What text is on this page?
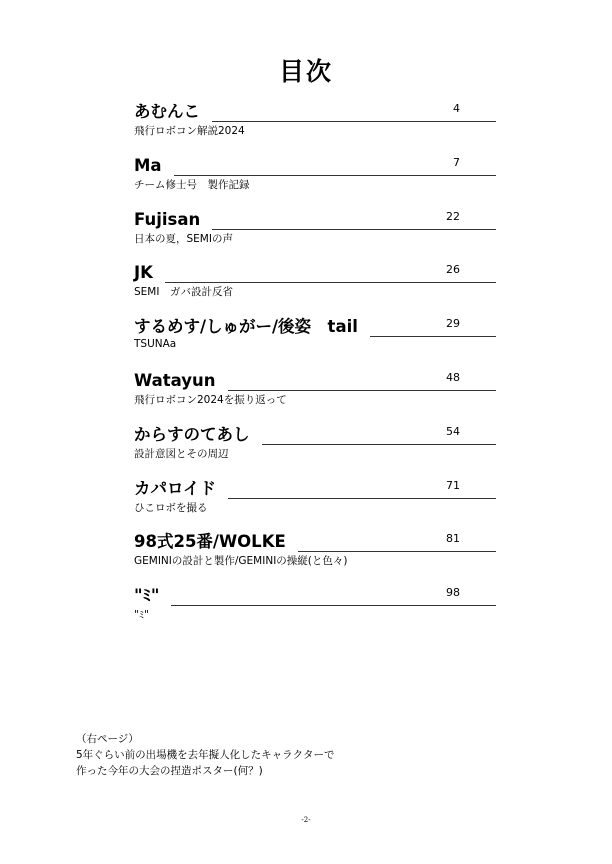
目次
あむんこ	4
飛行ロボコン解説2024
Ma	7
チーム修士号　製作記録
Fujisan	22
日本の夏，SEMIの声
JK	26
SEMI　ガバ設計反省
するめす/しゅがー/後姿　tail	29
TSUNAa
Watayun	48
飛行ロボコン2024を振り返って
からすのてあし	54
設計意図とその周辺
カパロイド	71
ひこロボを撮る
98式25番/WOLKE	81
GEMINIの設計と製作/GEMINIの操縦(と色々)
"ﾐ"	98
"ﾐ"
（右ページ）
5年ぐらい前の出場機を去年擬人化したキャラクターで
作った今年の大会の捏造ポスター(何？)
-2-
